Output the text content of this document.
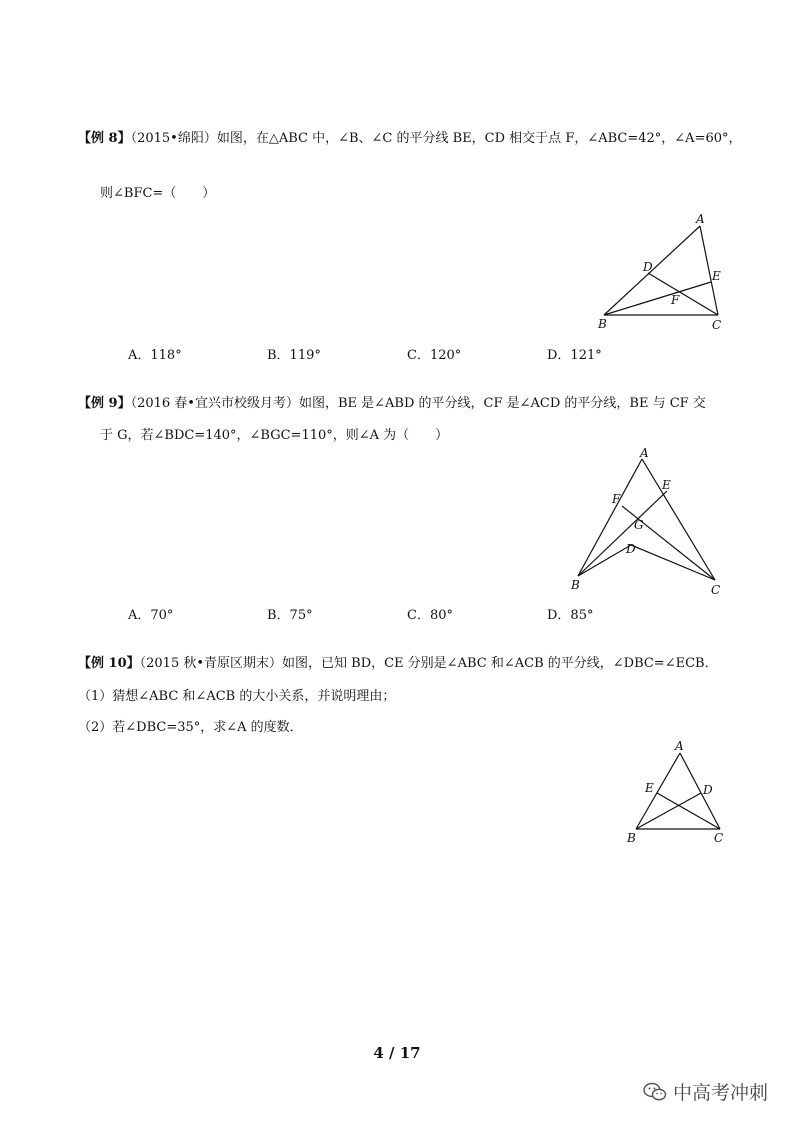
【例 8】（2015•绵阳）如图，在△ABC 中，∠B、∠C 的平分线 BE，CD 相交于点 F，∠ABC=42°，∠A=60°，
则∠BFC=（　　）
A
D
E
F
B	C
A．118°	B．119°	C．120°	D．121°
【例 9】（2016 春•宜兴市校级月考）如图，BE 是∠ABD 的平分线，CF 是∠ACD 的平分线，BE 与 CF 交
于 G，若∠BDC=140°，∠BGC=110°，则∠A 为（　　）
A
E
F
G
D
B	C
A．70°	B．75°	C．80°	D．85°
【例 10】（2015 秋•青原区期末）如图，已知 BD，CE 分别是∠ABC 和∠ACB 的平分线，∠DBC=∠ECB．
（1）猜想∠ABC 和∠ACB 的大小关系，并说明理由；
（2）若∠DBC=35°，求∠A 的度数．
A
E	D
B	C
4 / 17
中高考冲刺
